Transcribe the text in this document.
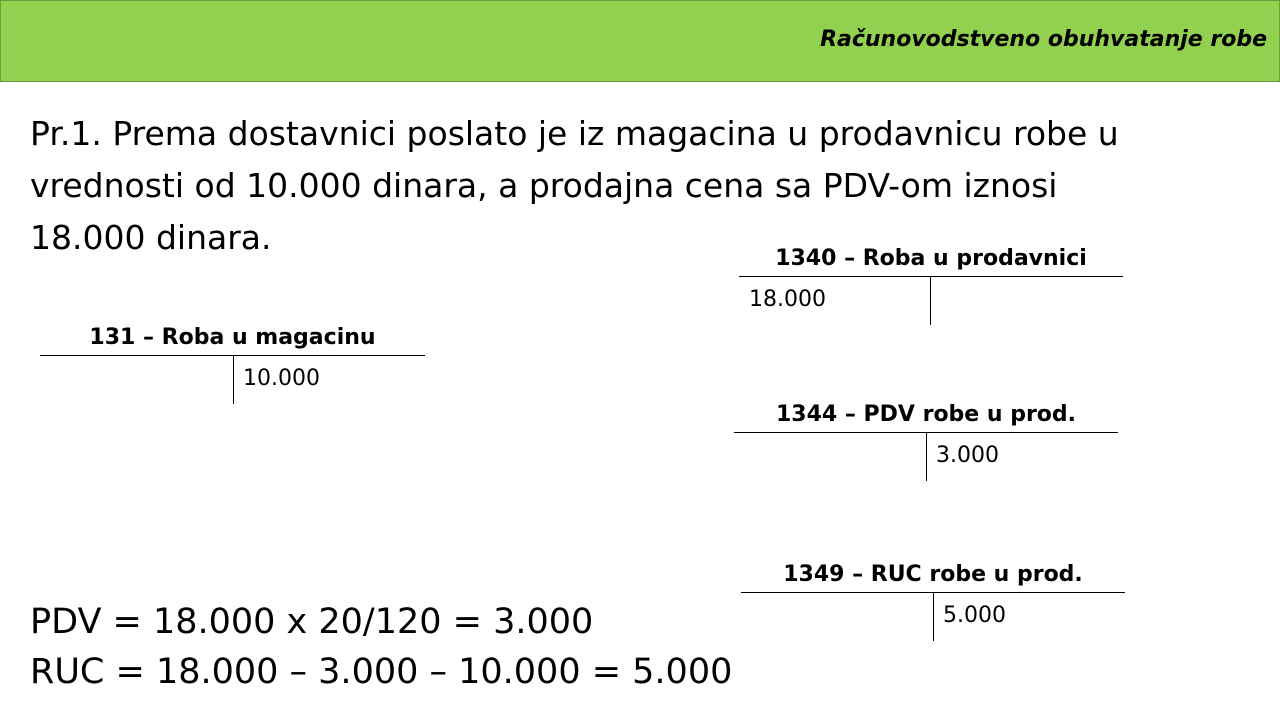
Računovodstveno obuhvatanje robe
Pr.1. Prema dostavnici poslato je iz magacina u prodavnicu robe u
vrednosti od 10.000 dinara, a prodajna cena sa PDV-om iznosi
18.000 dinara.
131 – Roba u magacinu
10.000
1340 – Roba u prodavnici
18.000
1344 – PDV robe u prod.
3.000
1349 – RUC robe u prod.
5.000
PDV = 18.000 x 20/120 = 3.000
RUC = 18.000 – 3.000 – 10.000 = 5.000
